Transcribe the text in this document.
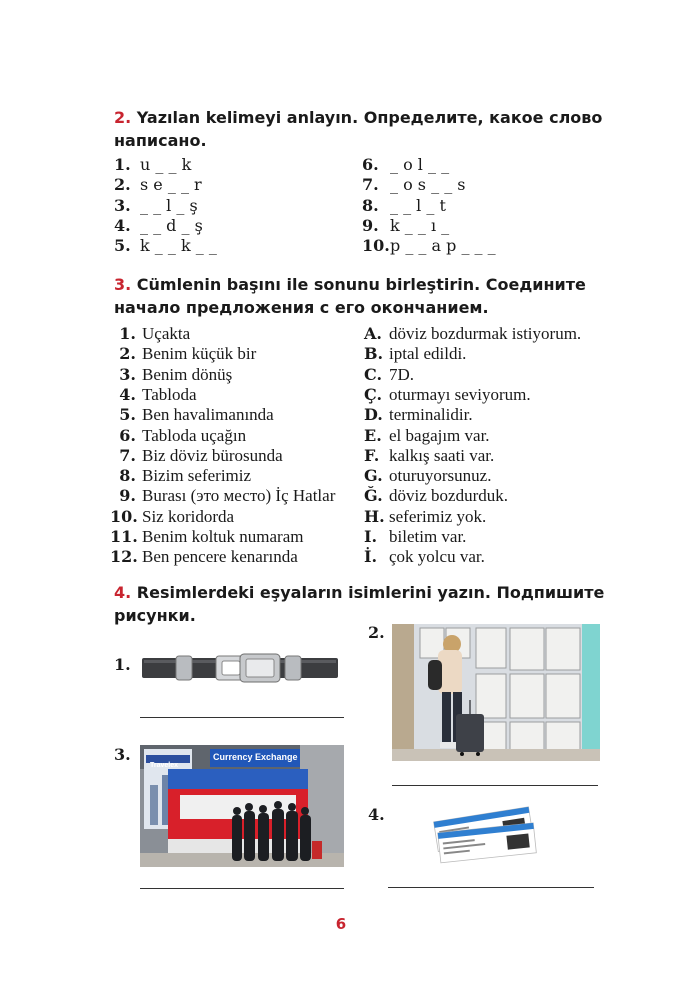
2. Yazılan kelimeyi anlayın. Определите, какое слово
написано.
1. u _ _ k
2. s e _ _ r
3. _ _ l _ ş
4. _ _ d _ ş
5. k _ _ k _ _
6. _ o l _ _
7. _ o s _ _ s
8. _ _ l _ t
9. k _ _ ı _
10.p _ _ a p _ _ _
3. Cümlenin başını ile sonunu birleştirin. Соедините
начало предложения с его окончанием.
1. Uçakta
2. Benim küçük bir
3. Benim dönüş
4. Tabloda
5. Ben havalimanında
6. Tabloda uçağın
7. Biz döviz bürosunda
8. Bizim seferimiz
9. Burası (это место) İç Hatlar
10. Siz koridorda
11. Benim koltuk numaram
12. Ben pencere kenarında
A. döviz bozdurmak istiyorum.
B. iptal edildi.
C. 7D.
Ç. oturmayı seviyorum.
D. terminalidir.
E. el bagajım var.
F. kalkış saati var.
G. oturuyorsunuz.
Ğ. döviz bozdurduk.
H. seferimiz yok.
I. biletim var.
İ. çok yolcu var.
4. Resimlerdeki eşyaların isimlerini yazın. Подпишите
рисунки.
1.
2.
3.
Travelex
Currency Exchange
4.
6
